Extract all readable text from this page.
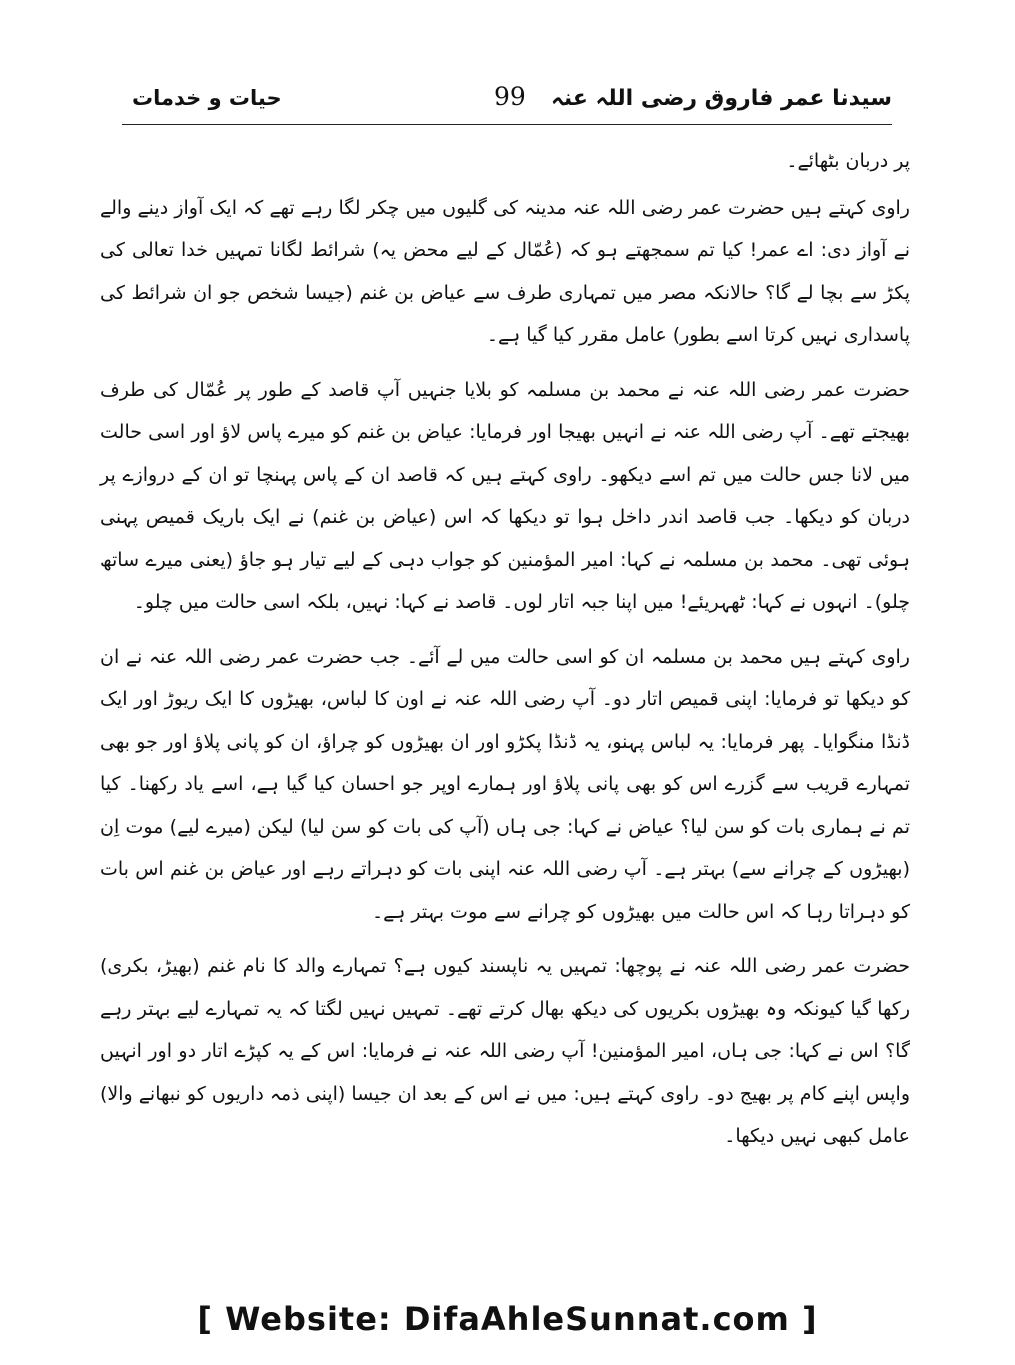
سیدنا عمر فاروق رضی اللہ عنہ
99
حیات و خدمات

پر دربان بٹھائے۔

راوی کہتے ہیں حضرت عمر رضی اللہ عنہ مدینہ کی گلیوں میں چکر لگا رہے تھے کہ ایک آواز دینے والے نے آواز دی: اے عمر! کیا تم سمجھتے ہو کہ (عُمّال کے لیے محض یہ) شرائط لگانا تمہیں خدا تعالی کی پکڑ سے بچا لے گا؟ حالانکہ مصر میں تمہاری طرف سے عیاض بن غنم (جیسا شخص جو ان شرائط کی پاسداری نہیں کرتا اسے بطور) عامل مقرر کیا گیا ہے۔

حضرت عمر رضی اللہ عنہ نے محمد بن مسلمہ کو بلایا جنہیں آپ قاصد کے طور پر عُمّال کی طرف بھیجتے تھے۔ آپ رضی اللہ عنہ نے انہیں بھیجا اور فرمایا: عیاض بن غنم کو میرے پاس لاؤ اور اسی حالت میں لانا جس حالت میں تم اسے دیکھو۔ راوی کہتے ہیں کہ قاصد ان کے پاس پہنچا تو ان کے دروازے پر دربان کو دیکھا۔ جب قاصد اندر داخل ہوا تو دیکھا کہ اس (عیاض بن غنم) نے ایک باریک قمیص پہنی ہوئی تھی۔ محمد بن مسلمہ نے کہا: امیر المؤمنین کو جواب دہی کے لیے تیار ہو جاؤ (یعنی میرے ساتھ چلو)۔ انہوں نے کہا: ٹھہریئے! میں اپنا جبہ اتار لوں۔ قاصد نے کہا: نہیں، بلکہ اسی حالت میں چلو۔

راوی کہتے ہیں محمد بن مسلمہ ان کو اسی حالت میں لے آئے۔ جب حضرت عمر رضی اللہ عنہ نے ان کو دیکھا تو فرمایا: اپنی قمیص اتار دو۔ آپ رضی اللہ عنہ نے اون کا لباس، بھیڑوں کا ایک ریوڑ اور ایک ڈنڈا منگوایا۔ پھر فرمایا: یہ لباس پہنو، یہ ڈنڈا پکڑو اور ان بھیڑوں کو چراؤ، ان کو پانی پلاؤ اور جو بھی تمہارے قریب سے گزرے اس کو بھی پانی پلاؤ اور ہمارے اوپر جو احسان کیا گیا ہے، اسے یاد رکھنا۔ کیا تم نے ہماری بات کو سن لیا؟ عیاض نے کہا: جی ہاں (آپ کی بات کو سن لیا) لیکن (میرے لیے) موت اِن (بھیڑوں کے چرانے سے) بہتر ہے۔ آپ رضی اللہ عنہ اپنی بات کو دہراتے رہے اور عیاض بن غنم اس بات کو دہراتا رہا کہ اس حالت میں بھیڑوں کو چرانے سے موت بہتر ہے۔

حضرت عمر رضی اللہ عنہ نے پوچھا: تمہیں یہ ناپسند کیوں ہے؟ تمہارے والد کا نام غنم (بھیڑ، بکری) رکھا گیا کیونکہ وہ بھیڑوں بکریوں کی دیکھ بھال کرتے تھے۔ تمہیں نہیں لگتا کہ یہ تمہارے لیے بہتر رہے گا؟ اس نے کہا: جی ہاں، امیر المؤمنین! آپ رضی اللہ عنہ نے فرمایا: اس کے یہ کپڑے اتار دو اور انہیں واپس اپنے کام پر بھیج دو۔ راوی کہتے ہیں: میں نے اس کے بعد ان جیسا (اپنی ذمہ داریوں کو نبھانے والا) عامل کبھی نہیں دیکھا۔

[ Website: DifaAhleSunnat.com ]
